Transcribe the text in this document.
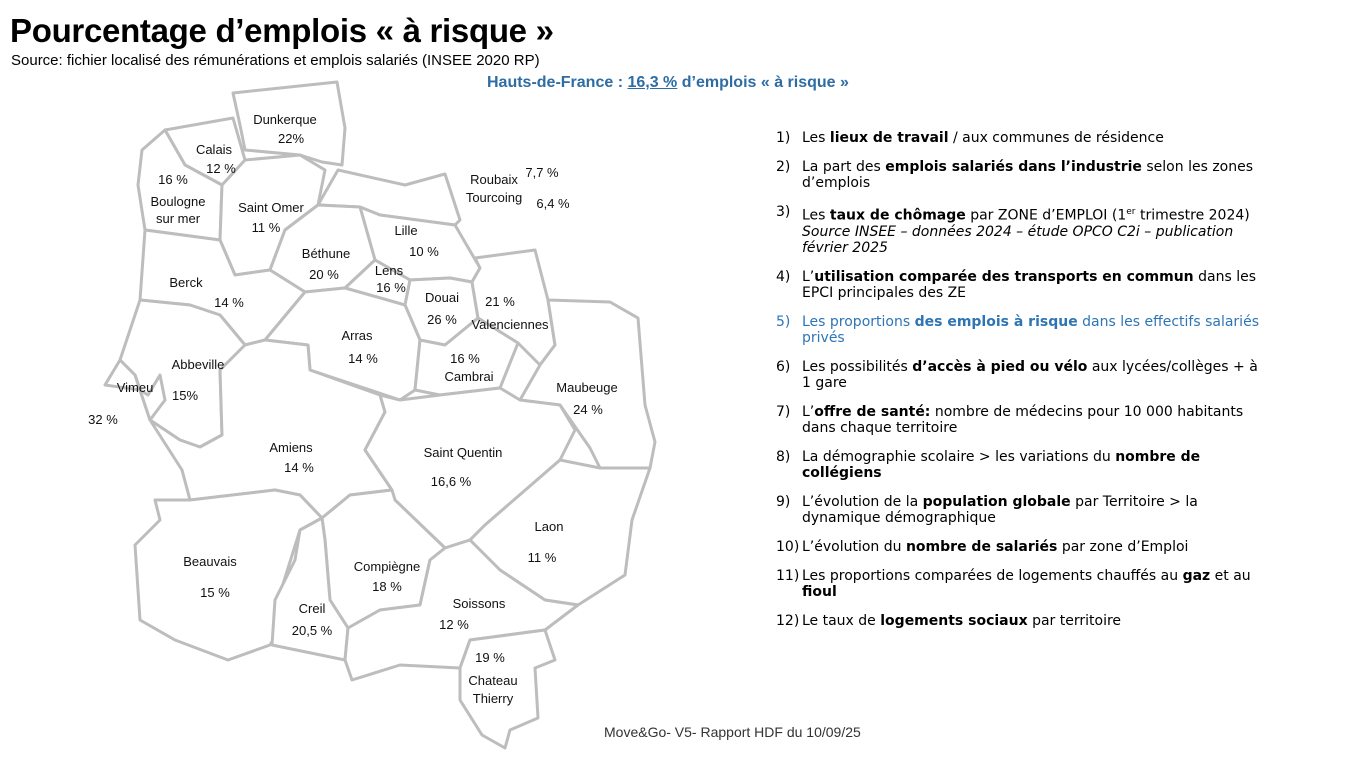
Pourcentage d’emplois « à risque »
Source: fichier localisé des rémunérations et emplois salariés (INSEE 2020 RP)
Hauts-de-France : 16,3 % d’emplois « à risque »
Dunkerque
22%
Calais
12 %
16 %
Boulogne
sur mer
Saint Omer
11 %
Roubaix
Tourcoing
7,7 %
6,4 %
Lille
10 %
Béthune
20 %	Lens
16 %
Berck
14 %	Douai
26 %
21 %
Valenciennes
Arras
14 %	16 %
Cambrai
Abbeville
15%
Vimeu
32 %
Maubeuge
24 %
Amiens
14 %
Saint Quentin
16,6 %
Laon
11 %
Beauvais
15 %
Compiègne
18 %
Creil
20,5 %
Soissons
12 %
19 %
Chateau
Thierry
1) Les lieux de travail / aux communes de résidence
2) La part des emplois salariés dans l’industrie selon les zones d’emplois
3) Les taux de chômage par ZONE d’EMPLOI (1er trimestre 2024)
Source INSEE – données 2024 – étude OPCO C2i – publication février 2025
4) L’utilisation comparée des transports en commun dans les EPCI principales des ZE
5) Les proportions des emplois à risque dans les effectifs salariés privés
6) Les possibilités d’accès à pied ou vélo aux lycées/collèges + à 1 gare
7) L’offre de santé: nombre de médecins pour 10 000 habitants dans chaque territoire
8) La démographie scolaire > les variations du nombre de collégiens
9) L’évolution de la population globale par Territoire > la dynamique démographique
10) L’évolution du nombre de salariés par zone d’Emploi
11) Les proportions comparées de logements chauffés au gaz et au fioul
12) Le taux de logements sociaux par territoire
Move&Go- V5- Rapport HDF du 10/09/25
